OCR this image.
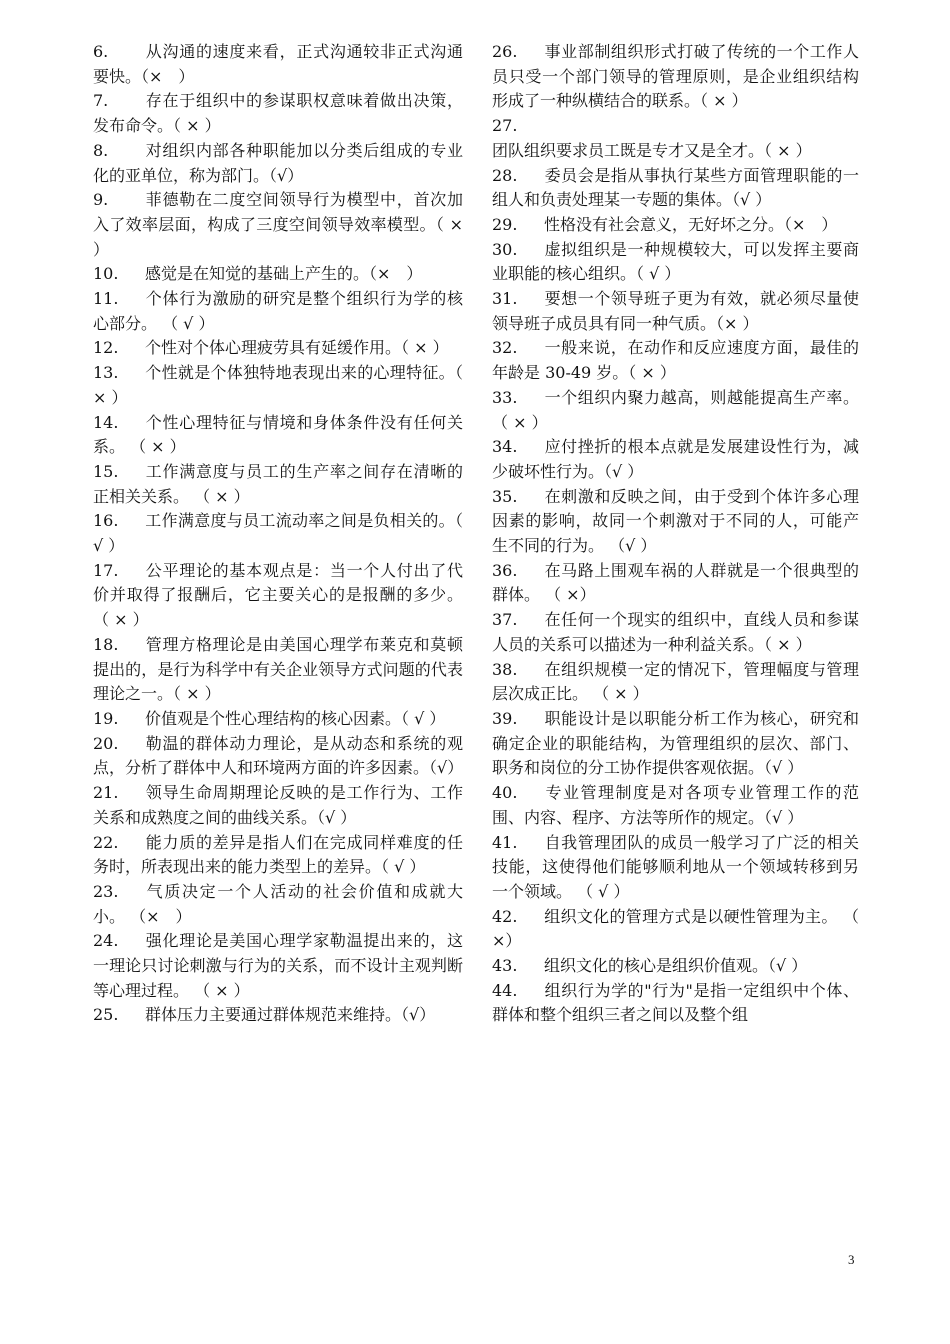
6. 从沟通的速度来看，正式沟通较非正式沟通要快。（×　）

7. 存在于组织中的参谋职权意味着做出决策，发布命令。（ × ）

8. 对组织内部各种职能加以分类后组成的专业化的亚单位，称为部门。（√）

9. 菲德勒在二度空间领导行为模型中，首次加入了效率层面，构成了三度空间领导效率模型。（ × ）

10. 感觉是在知觉的基础上产生的。（×　）

11. 个体行为激励的研究是整个组织行为学的核心部分。 （ √ ）

12. 个性对个体心理疲劳具有延缓作用。（ × ）

13. 个性就是个体独特地表现出来的心理特征。（ × ）

14. 个性心理特征与情境和身体条件没有任何关系。 （ × ）

15. 工作满意度与员工的生产率之间存在清晰的正相关关系。 （ × ）

16. 工作满意度与员工流动率之间是负相关的。（ √ ）

17. 公平理论的基本观点是：当一个人付出了代价并取得了报酬后，它主要关心的是报酬的多少。 （ × ）

18. 管理方格理论是由美国心理学布莱克和莫顿提出的，是行为科学中有关企业领导方式问题的代表理论之一。（ × ）

19. 价值观是个性心理结构的核心因素。（ √ ）

20. 勒温的群体动力理论，是从动态和系统的观点，分析了群体中人和环境两方面的许多因素。（√）

21. 领导生命周期理论反映的是工作行为、工作关系和成熟度之间的曲线关系。（√ ）

22. 能力质的差异是指人们在完成同样难度的任务时，所表现出来的能力类型上的差异。（ √ ）

23. 气质决定一个人活动的社会价值和成就大小。 （×　）

24. 强化理论是美国心理学家勒温提出来的，这一理论只讨论刺激与行为的关系，而不设计主观判断等心理过程。 （ × ）

25. 群体压力主要通过群体规范来维持。（√）

26. 事业部制组织形式打破了传统的一个工作人员只受一个部门领导的管理原则，是企业组织结构形成了一种纵横结合的联系。（ × ）

27.团队组织要求员工既是专才又是全才。（ × ）

28. 委员会是指从事执行某些方面管理职能的一组人和负责处理某一专题的集体。（√ ）

29. 性格没有社会意义，无好坏之分。（×　）

30. 虚拟组织是一种规模较大，可以发挥主要商业职能的核心组织。（ √ ）

31. 要想一个领导班子更为有效，就必须尽量使领导班子成员具有同一种气质。（× ）

32. 一般来说，在动作和反应速度方面，最佳的年龄是 30-49 岁。（ × ）

33. 一个组织内聚力越高，则越能提高生产率。 （ × ）

34. 应付挫折的根本点就是发展建设性行为，减少破坏性行为。（√ ）

35. 在刺激和反映之间，由于受到个体许多心理因素的影响，故同一个刺激对于不同的人，可能产生不同的行为。 （√ ）

36. 在马路上围观车祸的人群就是一个很典型的群体。 （ ×）

37. 在任何一个现实的组织中，直线人员和参谋人员的关系可以描述为一种利益关系。（ × ）

38. 在组织规模一定的情况下，管理幅度与管理层次成正比。 （ × ）

39. 职能设计是以职能分析工作为核心，研究和确定企业的职能结构，为管理组织的层次、部门、职务和岗位的分工协作提供客观依据。（√ ）

40. 专业管理制度是对各项专业管理工作的范围、内容、程序、方法等所作的规定。（√ ）

41. 自我管理团队的成员一般学习了广泛的相关技能，这使得他们能够顺利地从一个领域转移到另一个领域。 （ √ ）

42. 组织文化的管理方式是以硬性管理为主。 （ ×）

43. 组织文化的核心是组织价值观。（√ ）

44. 组织行为学的"行为"是指一定组织中个体、群体和整个组织三者之间以及整个组

3
